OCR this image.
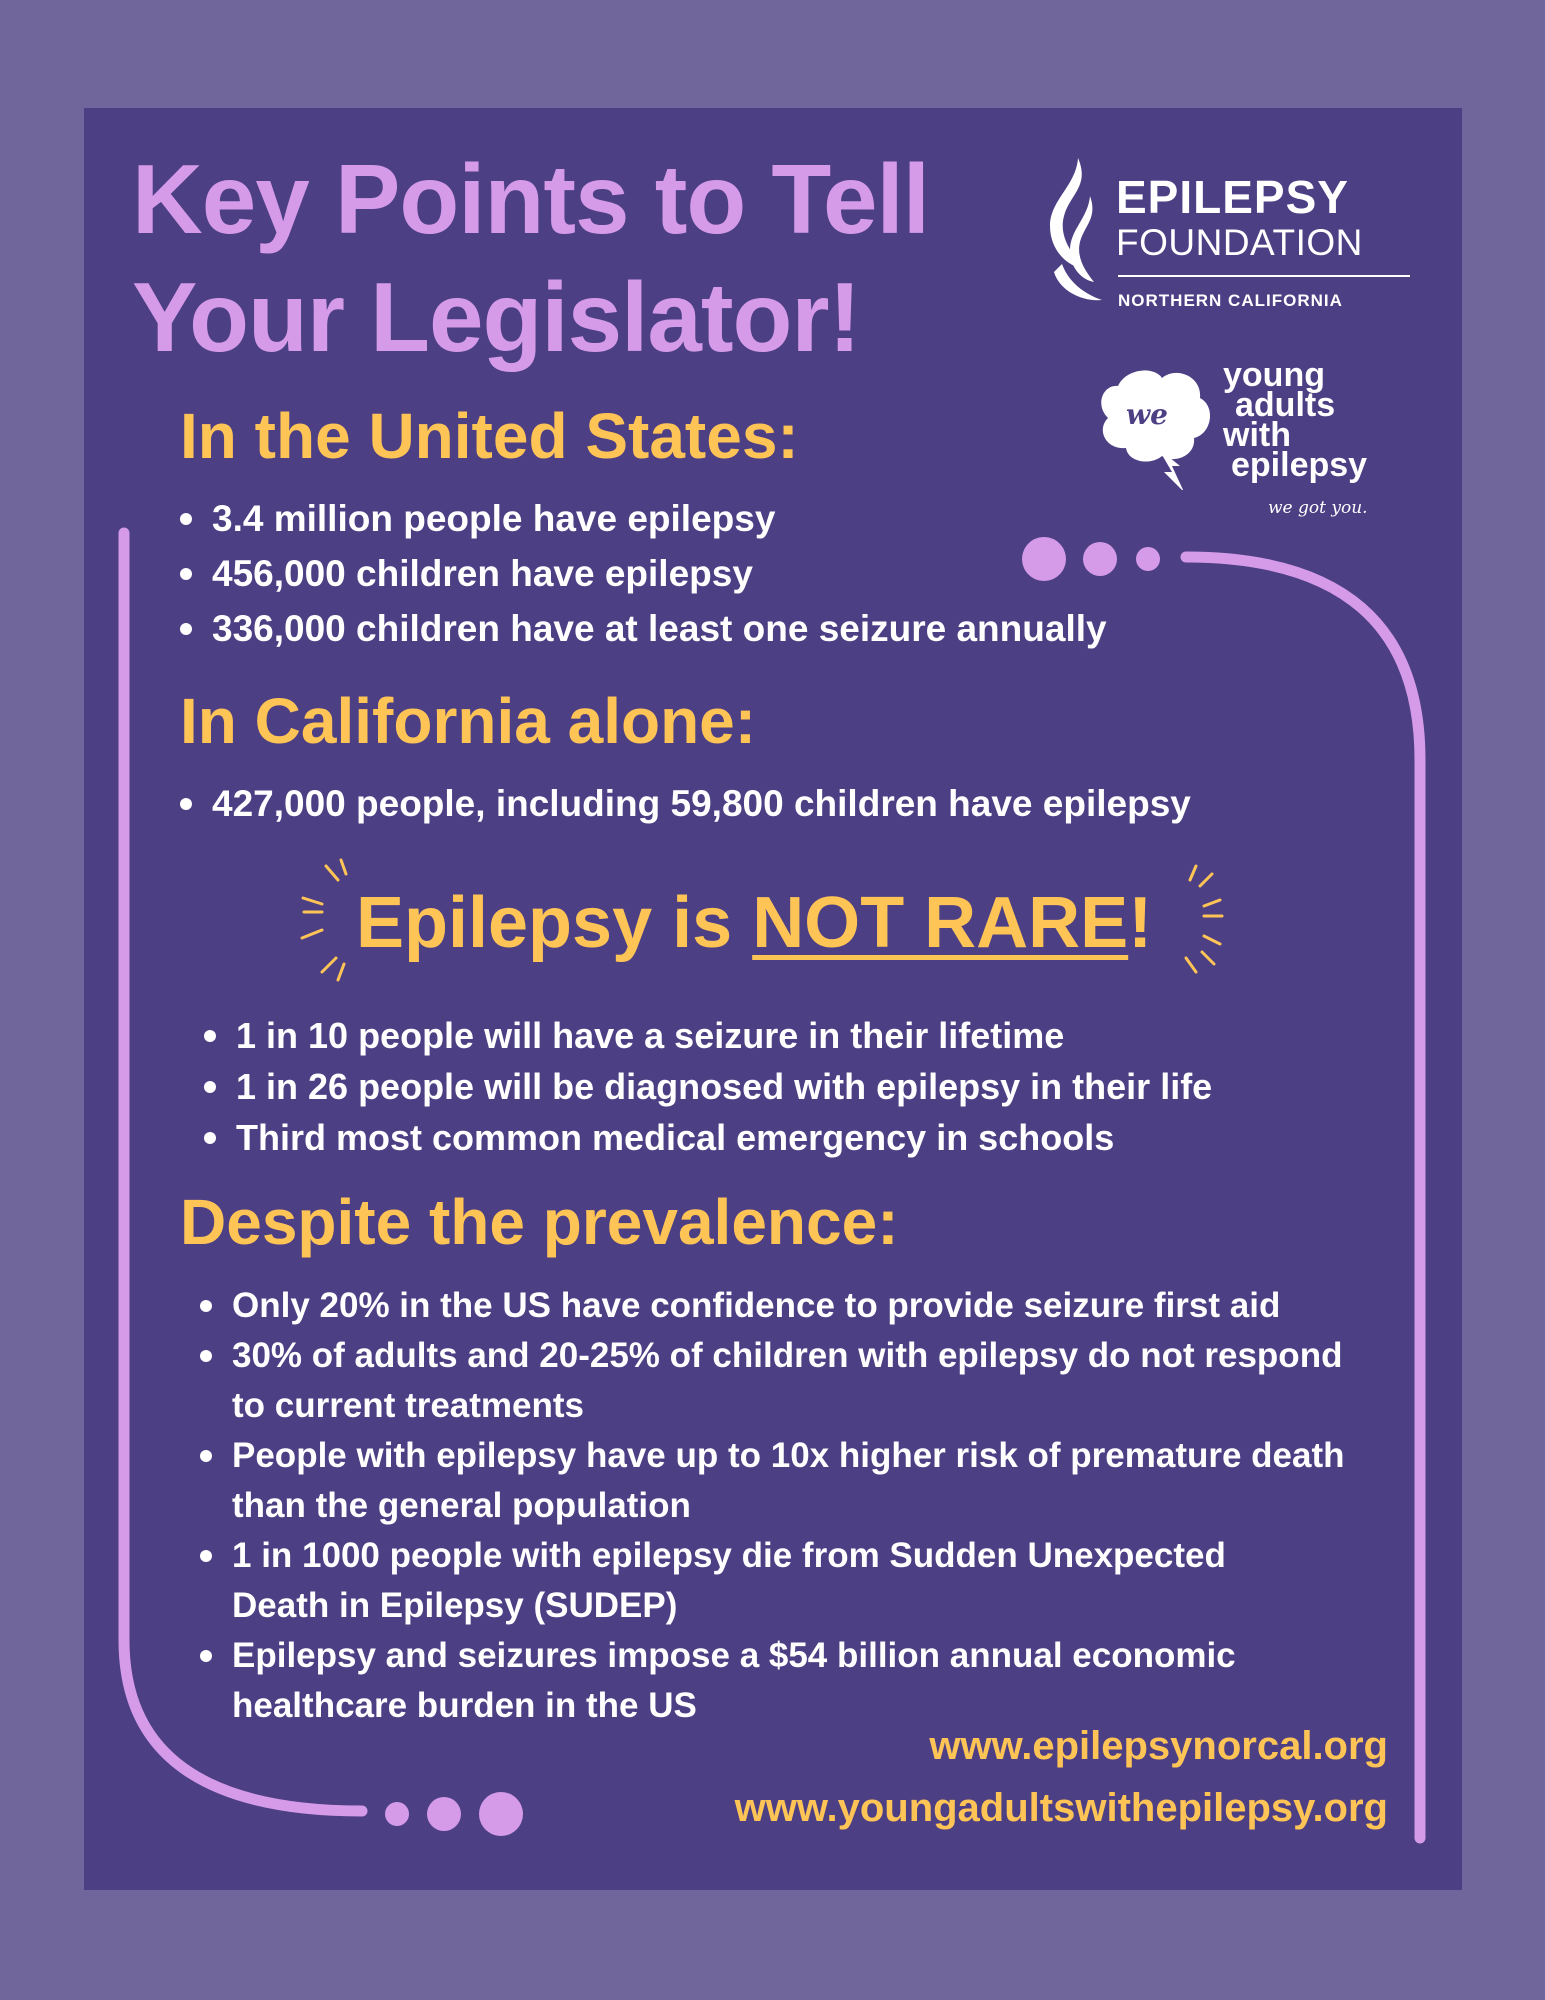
Key Points to Tell
Your Legislator!
EPILEPSY
FOUNDATION
NORTHERN CALIFORNIA
we
young
adults
with
epilepsy
we got you.
In the United States:
3.4 million people have epilepsy
456,000 children have epilepsy
336,000 children have at least one seizure annually
In California alone:
427,000 people, including 59,800 children have epilepsy

Epilepsy is NOT RARE!

1 in 10 people will have a seizure in their lifetime
1 in 26 people will be diagnosed with epilepsy in their life
Third most common medical emergency in schools
Despite the prevalence:
Only 20% in the US have confidence to provide seizure first aid
30% of adults and 20-25% of children with epilepsy do not respond to current treatments
People with epilepsy have up to 10x higher risk of premature death than the general population
1 in 1000 people with epilepsy die from Sudden Unexpected Death in Epilepsy (SUDEP)
Epilepsy and seizures impose a $54 billion annual economic healthcare burden in the US

www.epilepsynorcal.org

www.youngadultswithepilepsy.org
